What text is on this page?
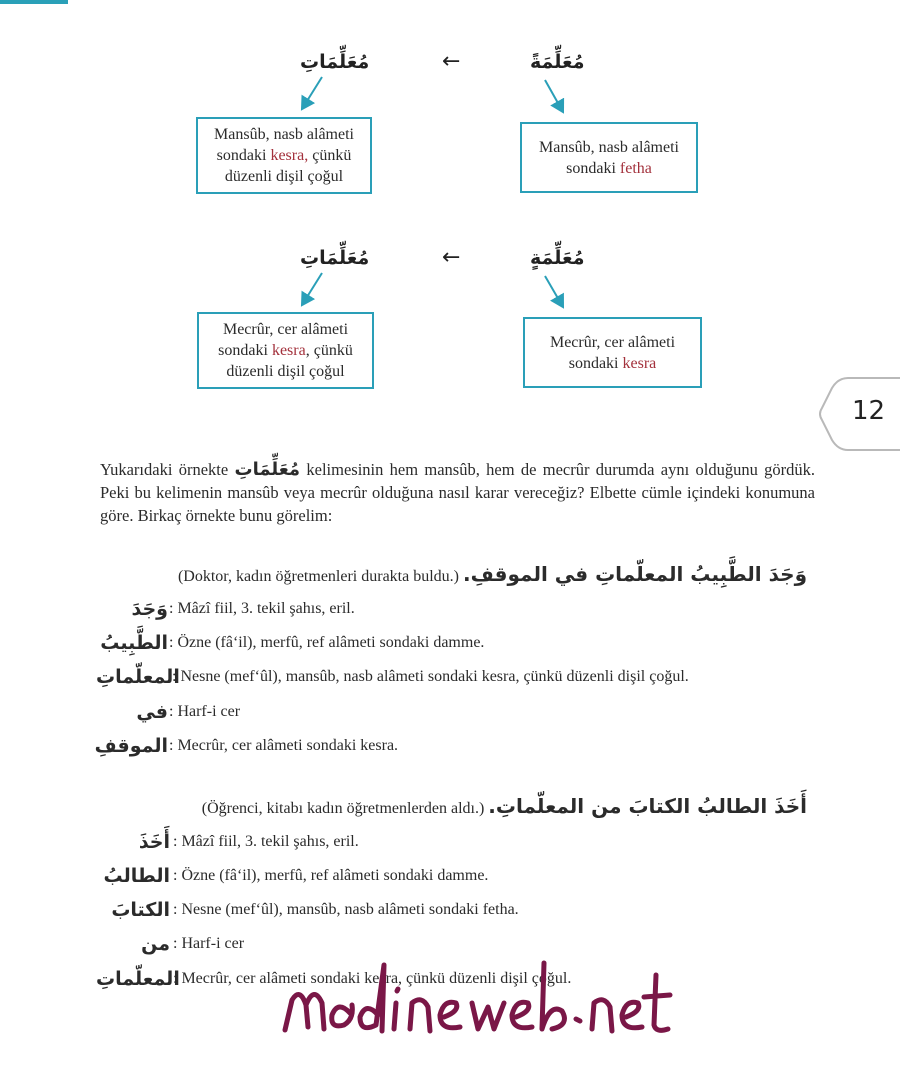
مُعَلِّمَاتِ	←	مُعَلِّمَةً
Mansûb, nasb alâmeti
sondaki kesra, çünkü
düzenli dişil çoğul
Mansûb, nasb alâmeti
sondaki fetha
مُعَلِّمَاتِ	←	مُعَلِّمَةٍ
Mecrûr, cer alâmeti
sondaki kesra, çünkü
düzenli dişil çoğul
Mecrûr, cer alâmeti
sondaki kesra
12
Yukarıdaki örnekte مُعَلِّمَاتِ kelimesinin hem mansûb, hem de mecrûr durumda aynı olduğunu gördük. Peki bu kelimenin mansûb veya mecrûr olduğuna nasıl karar vereceğiz? Elbette cümle içindeki konumuna göre. Birkaç örnekte bunu görelim:
(Doktor, kadın öğretmenleri durakta buldu.) وَجَدَ الطَّبِيبُ المعلّماتِ في الموقفِ.
وَجَدَ : Mâzî fiil, 3. tekil şahıs, eril.
الطَّبِيبُ : Özne (fâ‘il), merfû, ref alâmeti sondaki damme.
المعلّماتِ
: Nesne (mef‘ûl), mansûb, nasb alâmeti sondaki kesra, çünkü düzenli dişil çoğul.
في : Harf-i cer
الموقفِ : Mecrûr, cer alâmeti sondaki kesra.
(Öğrenci, kitabı kadın öğretmenlerden aldı.) أَخَذَ الطالبُ الكتابَ من المعلّماتِ.
أَخَذَ : Mâzî fiil, 3. tekil şahıs, eril.
الطالبُ : Özne (fâ‘il), merfû, ref alâmeti sondaki damme.
الكتابَ : Nesne (mef‘ûl), mansûb, nasb alâmeti sondaki fetha.
من : Harf-i cer
المعلّماتِ
: Mecrûr, cer alâmeti sondaki kesra, çünkü düzenli dişil çoğul.
